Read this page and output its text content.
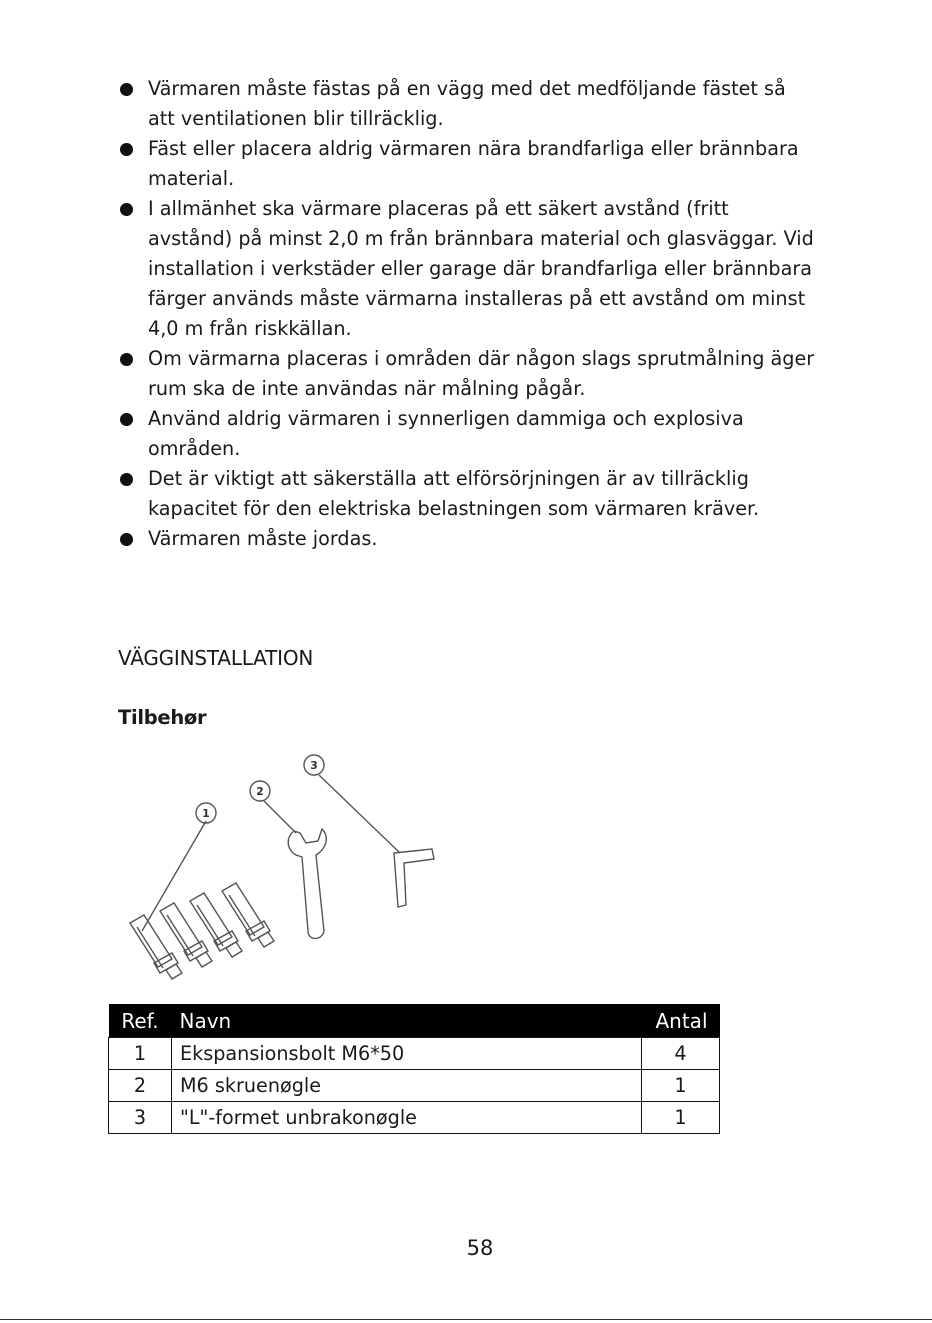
Värmaren måste fästas på en vägg med det medföljande fästet så att ventilationen blir tillräcklig.
Fäst eller placera aldrig värmaren nära brandfarliga eller brännbara material.
I allmänhet ska värmare placeras på ett säkert avstånd (fritt avstånd) på minst 2,0 m från brännbara material och glasväggar. Vid installation i verkstäder eller garage där brandfarliga eller brännbara färger används måste värmarna installeras på ett avstånd om minst 4,0 m från riskkällan.
Om värmarna placeras i områden där någon slags sprutmålning äger rum ska de inte användas när målning pågår.
Använd aldrig värmaren i synnerligen dammiga och explosiva områden.
Det är viktigt att säkerställa att elförsörjningen är av tillräcklig kapacitet för den elektriska belastningen som värmaren kräver.
Värmaren måste jordas.
VÄGGINSTALLATION
Tilbehør
1
2
3
Ref.	Navn	Antal
1	Ekspansionsbolt M6*50	4
2	M6 skruenøgle	1
3	"L"-formet unbrakonøgle	1
58
